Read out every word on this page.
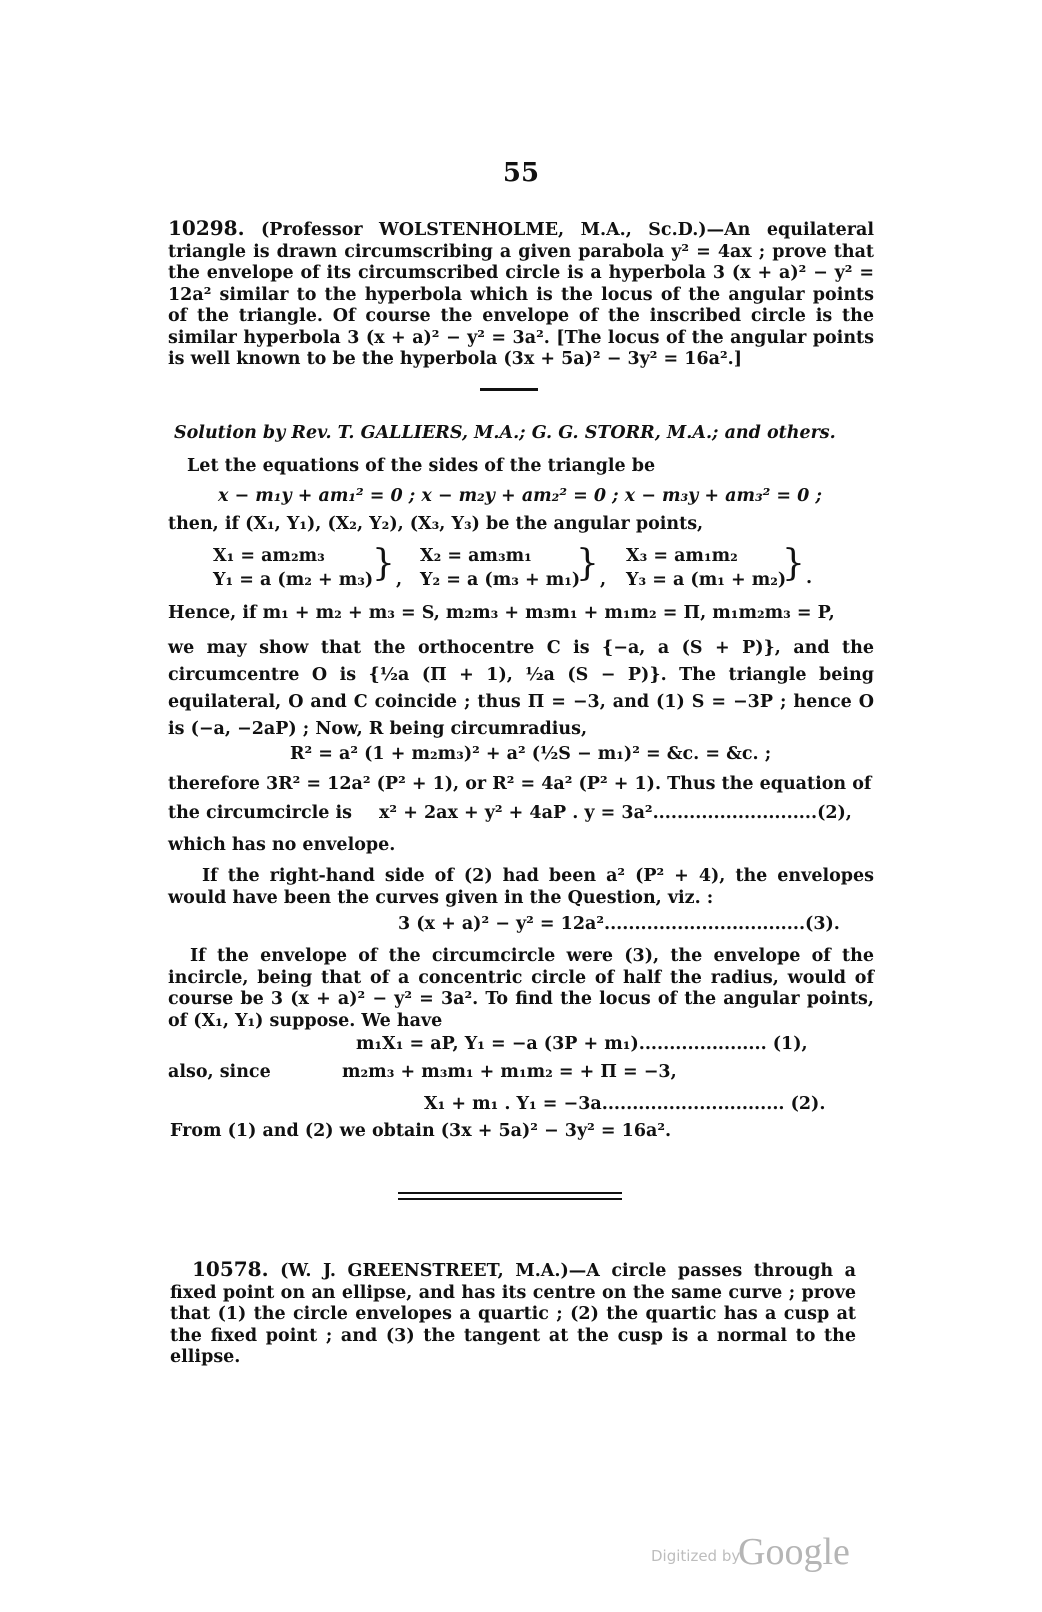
55
10298. (Professor WOLSTENHOLME, M.A., Sc.D.)—An equilateral triangle is drawn circumscribing a given parabola y² = 4ax ; prove that the envelope of its circumscribed circle is a hyperbola 3 (x + a)² − y² = 12a² similar to the hyperbola which is the locus of the angular points of the triangle. Of course the envelope of the inscribed circle is the similar hyperbola 3 (x + a)² − y² = 3a². [The locus of the angular points is well known to be the hyperbola (3x + 5a)² − 3y² = 16a².]
Solution by Rev. T. GALLIERS, M.A.; G. G. STORR, M.A.; and others.
Let the equations of the sides of the triangle be
x − m₁y + am₁² = 0 ; x − m₂y + am₂² = 0 ; x − m₃y + am₃² = 0 ;
then, if (X₁, Y₁), (X₂, Y₂), (X₃, Y₃) be the angular points,
X₁ = am₂m₃
Y₁ = a (m₂ + m₃)
} ,
X₂ = am₃m₁
Y₂ = a (m₃ + m₁)
} ,
X₃ = am₁m₂
Y₃ = a (m₁ + m₂)
} .
Hence, if m₁ + m₂ + m₃ = S, m₂m₃ + m₃m₁ + m₁m₂ = Π, m₁m₂m₃ = P,
we may show that the orthocentre C is {−a, a (S + P)}, and the circumcentre O is {½a (Π + 1), ½a (S − P)}. The triangle being equilateral, O and C coincide ; thus Π = −3, and (1) S = −3P ; hence O is (−a, −2aP) ; Now, R being circumradius,
R² = a² (1 + m₂m₃)² + a² (½S − m₁)² = &c. = &c. ;
therefore 3R² = 12a² (P² + 1), or R² = 4a² (P² + 1). Thus the equation of
the circumcircle is x² + 2ax + y² + 4aP . y = 3a²...........................(2),
which has no envelope.
If the right-hand side of (2) had been a² (P² + 4), the envelopes would have been the curves given in the Question, viz. :
3 (x + a)² − y² = 12a².................................(3).
If the envelope of the circumcircle were (3), the envelope of the incircle, being that of a concentric circle of half the radius, would of course be 3 (x + a)² − y² = 3a². To find the locus of the angular points, of (X₁, Y₁) suppose. We have
m₁X₁ = aP, Y₁ = −a (3P + m₁)..................... (1),
also, since	m₂m₃ + m₃m₁ + m₁m₂ = + Π = −3,
X₁ + m₁ . Y₁ = −3a.............................. (2).
From (1) and (2) we obtain (3x + 5a)² − 3y² = 16a².
10578. (W. J. GREENSTREET, M.A.)—A circle passes through a fixed point on an ellipse, and has its centre on the same curve ; prove that (1) the circle envelopes a quartic ; (2) the quartic has a cusp at the fixed point ; and (3) the tangent at the cusp is a normal to the ellipse.
Digitized by
Google
